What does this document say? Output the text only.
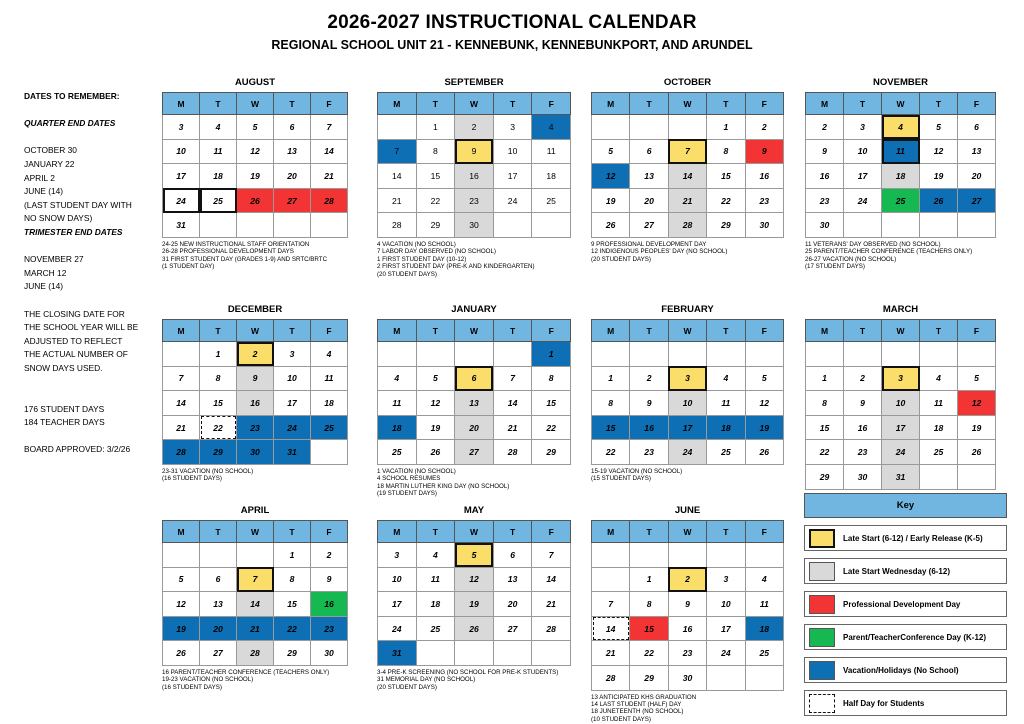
2026-2027 INSTRUCTIONAL CALENDAR
REGIONAL SCHOOL UNIT 21 - KENNEBUNK, KENNEBUNKPORT, AND ARUNDEL
DATES TO REMEMBER:
QUARTER END DATES
OCTOBER 30
JANUARY 22
APRIL 2
JUNE (14)
(LAST STUDENT DAY WITH
NO SNOW DAYS)
TRIMESTER END DATES
NOVEMBER 27
MARCH 12
JUNE (14)
THE CLOSING DATE FOR
THE SCHOOL YEAR WILL BE
ADJUSTED TO REFLECT
THE ACTUAL NUMBER OF
SNOW DAYS USED.
176 STUDENT DAYS
184 TEACHER DAYS
BOARD APPROVED: 3/2/26
AUGUST
M	T	W	T	F
3	4	5	6	7
10	11	12	13	14
17	18	19	20	21
24	25	26	27	28
31				
24-25 NEW INSTRUCTIONAL STAFF ORIENTATION
26-28 PROFESSIONAL DEVELOPMENT DAYS
31 FIRST STUDENT DAY (GRADES 1-9) AND SRTC/BRTC
(1 STUDENT DAY)
SEPTEMBER
M	T	W	T	F
	1	2	3	4
7	8	9	10	11
14	15	16	17	18
21	22	23	24	25
28	29	30		
4 VACATION (NO SCHOOL)
7 LABOR DAY OBSERVED (NO SCHOOL)
1 FIRST STUDENT DAY (10-12)
2 FIRST STUDENT DAY (PRE-K AND KINDERGARTEN)
(20 STUDENT DAYS)
OCTOBER
M	T	W	T	F
			1	2
5	6	7	8	9
12	13	14	15	16
19	20	21	22	23
26	27	28	29	30
9 PROFESSIONAL DEVELOPMENT DAY
12 INDIGENOUS PEOPLES' DAY (NO SCHOOL)
(20 STUDENT DAYS)
NOVEMBER
M	T	W	T	F
2	3	4	5	6
9	10	11	12	13
16	17	18	19	20
23	24	25	26	27
30				
11 VETERANS' DAY OBSERVED (NO SCHOOL)
25 PARENT/TEACHER CONFERENCE (TEACHERS ONLY)
26-27 VACATION (NO SCHOOL)
(17 STUDENT DAYS)
DECEMBER
M	T	W	T	F
	1	2	3	4
7	8	9	10	11
14	15	16	17	18
21	22	23	24	25
28	29	30	31	
23-31 VACATION (NO SCHOOL)
(16 STUDENT DAYS)
JANUARY
M	T	W	T	F
				1
4	5	6	7	8
11	12	13	14	15
18	19	20	21	22
25	26	27	28	29
1 VACATION (NO SCHOOL)
4 SCHOOL RESUMES
18 MARTIN LUTHER KING DAY (NO SCHOOL)
(19 STUDENT DAYS)
FEBRUARY
M	T	W	T	F

1	2	3	4	5
8	9	10	11	12
15	16	17	18	19
22	23	24	25	26
15-19 VACATION (NO SCHOOL)
(15 STUDENT DAYS)
MARCH
M	T	W	T	F

1	2	3	4	5
8	9	10	11	12
15	16	17	18	19
22	23	24	25	26
29	30	31		
APRIL
M	T	W	T	F
			1	2
5	6	7	8	9
12	13	14	15	16
19	20	21	22	23
26	27	28	29	30
16 PARENT/TEACHER CONFERENCE (TEACHERS ONLY)
19-23 VACATION (NO SCHOOL)
(16 STUDENT DAYS)
MAY
M	T	W	T	F
3	4	5	6	7
10	11	12	13	14
17	18	19	20	21
24	25	26	27	28
31				
3-4 PRE-K SCREENING (NO SCHOOL FOR PRE-K STUDENTS)
31 MEMORIAL DAY (NO SCHOOL)
(20 STUDENT DAYS)
JUNE
M	T	W	T	F

	1	2	3	4
7	8	9	10	11
14	15	16	17	18
21	22	23	24	25
28	29	30		
13 ANTICIPATED KHS GRADUATION
14 LAST STUDENT (HALF) DAY
18 JUNETEENTH (NO SCHOOL)
(10 STUDENT DAYS)
Key
Late Start (6-12) / Early Release (K-5)
Late Start Wednesday (6-12)
Professional Development Day
Parent/TeacherConference Day (K-12)
Vacation/Holidays (No School)
Half Day for Students
